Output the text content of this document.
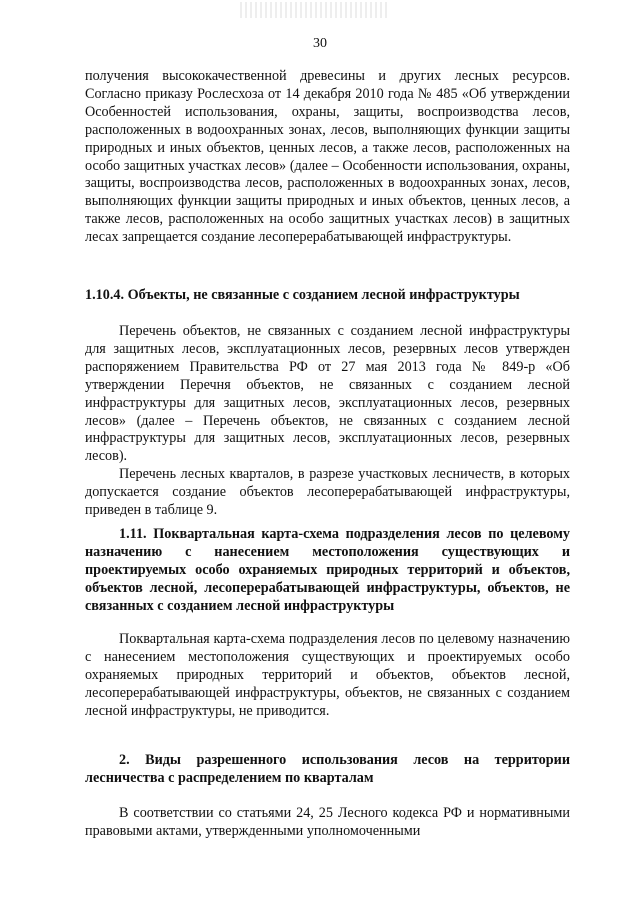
30

получения высококачественной древесины и других лесных ресурсов. Согласно приказу Рослесхоза от 14 декабря 2010 года № 485 «Об утверждении Особенностей использования, охраны, защиты, воспроизводства лесов, расположенных в водоохранных зонах, лесов, выполняющих функции защиты природных и иных объектов, ценных лесов, а также лесов, расположенных на особо защитных участках лесов» (далее – Особенности использования, охраны, защиты, воспроизводства лесов, расположенных в водоохранных зонах, лесов, выполняющих функции защиты природных и иных объектов, ценных лесов, а также лесов, расположенных на особо защитных участках лесов) в защитных лесах запрещается создание лесоперерабатывающей инфраструктуры.

1.10.4. Объекты, не связанные с созданием лесной инфраструктуры

Перечень объектов, не связанных с созданием лесной инфраструктуры для защитных лесов, эксплуатационных лесов, резервных лесов утвержден распоряжением Правительства РФ от 27 мая 2013 года № 849-р «Об утверждении Перечня объектов, не связанных с созданием лесной инфраструктуры для защитных лесов, эксплуатационных лесов, резервных лесов» (далее – Перечень объектов, не связанных с созданием лесной инфраструктуры для защитных лесов, эксплуатационных лесов, резервных лесов).

Перечень лесных кварталов, в разрезе участковых лесничеств, в которых допускается создание объектов лесоперерабатывающей инфраструктуры, приведен в таблице 9.

1.11. Поквартальная карта-схема подразделения лесов по целевому назначению с нанесением местоположения существующих и проектируемых особо охраняемых природных территорий и объектов, объектов лесной, лесоперерабатывающей инфраструктуры, объектов, не связанных с созданием лесной инфраструктуры

Поквартальная карта-схема подразделения лесов по целевому назначению с нанесением местоположения существующих и проектируемых особо охраняемых природных территорий и объектов, объектов лесной, лесоперерабатывающей инфраструктуры, объектов, не связанных с созданием лесной инфраструктуры, не приводится.

2. Виды разрешенного использования лесов на территории лесничества с распределением по кварталам

В соответствии со статьями 24, 25 Лесного кодекса РФ и нормативными правовыми актами, утвержденными уполномоченными
